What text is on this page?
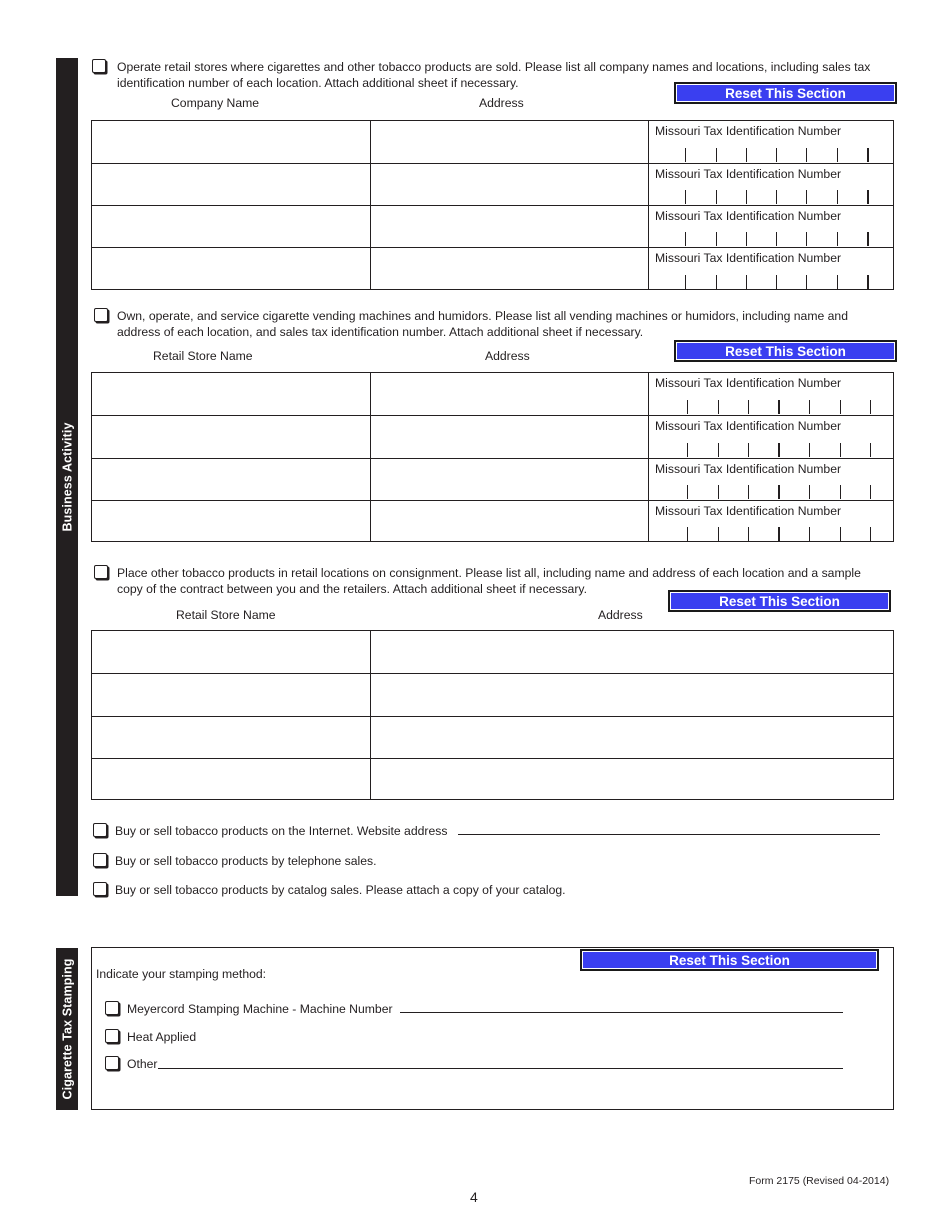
Business Activitiy
Cigarette Tax Stamping
Operate retail stores where cigarettes and other tobacco products are sold. Please list all company names and locations, including sales tax identification number of each location. Attach additional sheet if necessary.
Company Name	Address
Reset This Section
Missouri Tax Identification Number
Missouri Tax Identification Number
Missouri Tax Identification Number
Missouri Tax Identification Number
Own, operate, and service cigarette vending machines and humidors. Please list all vending machines or humidors, including name and address of each location, and sales tax identification number. Attach additional sheet if necessary.
Retail Store Name	Address	Reset This Section
Missouri Tax Identification Number
Missouri Tax Identification Number
Missouri Tax Identification Number
Missouri Tax Identification Number
Place other tobacco products in retail locations on consignment. Please list all, including name and address of each location and a sample copy of the contract between you and the retailers. Attach additional sheet if necessary.
Retail Store Name	Address
Reset This Section
Buy or sell tobacco products on the Internet. Website address
Buy or sell tobacco products by telephone sales.
Buy or sell tobacco products by catalog sales. Please attach a copy of your catalog.
Reset This Section
Indicate your stamping method:
Meyercord Stamping Machine - Machine Number
Heat Applied
Other
Form 2175 (Revised 04-2014)
4
